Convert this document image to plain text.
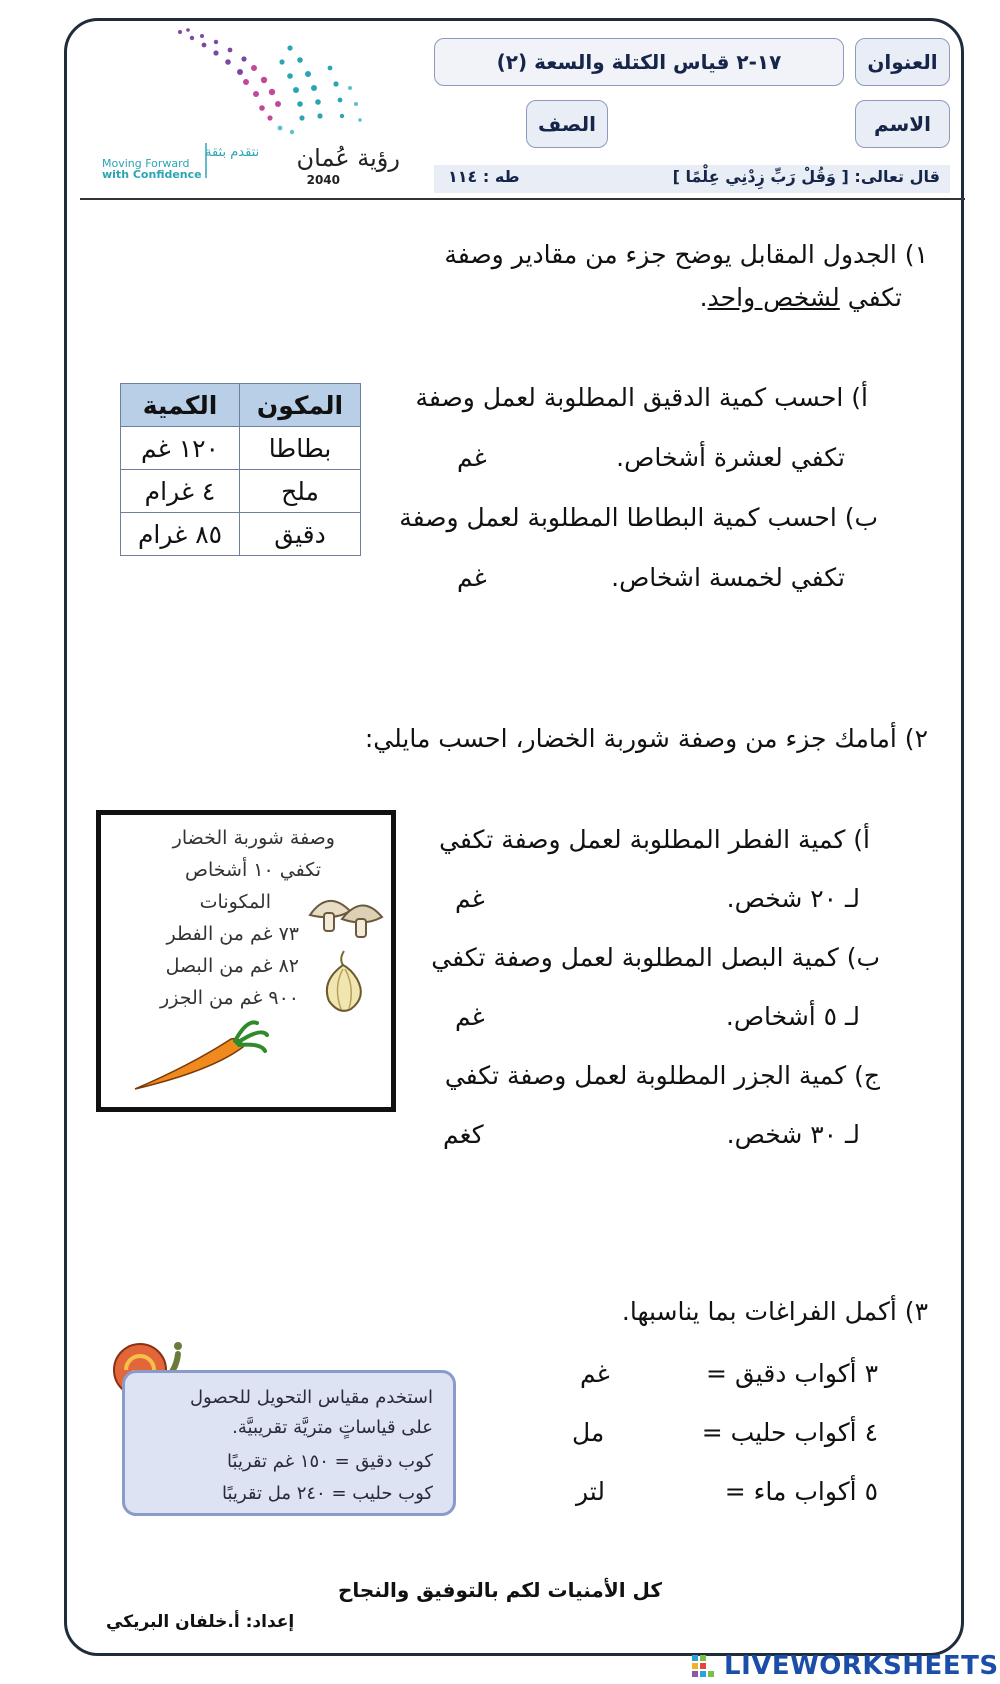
نتقدم بثقة
Moving Forward
with Confidence
رؤية عُمان
2040
العنوان
١٧-٢ قياس الكتلة والسعة (٢)
الاسم
الصف
قال تعالى: [ وَقُلْ رَبِّ زِدْنِي عِلْمًا ]
طه : ١١٤
١) الجدول المقابل يوضح جزء من مقادير وصفة
تكفي لشخص واحد.
المكون	الكمية
بطاطا	١٢٠ غم
ملح	٤ غرام
دقيق	٨٥ غرام
أ) احسب كمية الدقيق المطلوبة لعمل وصفة
تكفي لعشرة أشخاص.
غم
ب) احسب كمية البطاطا المطلوبة لعمل وصفة
تكفي لخمسة اشخاص.
غم
٢) أمامك جزء من وصفة شوربة الخضار، احسب مايلي:
وصفة شوربة الخضار
تكفي ١٠ أشخاص
المكونات
٧٣ غم من الفطر
٨٢ غم من البصل
٩٠٠ غم من الجزر
أ) كمية الفطر المطلوبة لعمل وصفة تكفي
لـ ٢٠ شخص.
غم
ب) كمية البصل المطلوبة لعمل وصفة تكفي
لـ ٥ أشخاص.
غم
ج) كمية الجزر المطلوبة لعمل وصفة تكفي
لـ ٣٠ شخص.
كغم
٣) أكمل الفراغات بما يناسبها.
استخدم مقياس التحويل للحصول
على قياساتٍ متريَّة تقريبيَّة.
كوب دقيق = ١٥٠ غم تقريبًا
كوب حليب = ٢٤٠ مل تقريبًا
٣ أكواب دقيق =
غم
٤ أكواب حليب =
مل
٥ أكواب ماء =
لتر
كل الأمنيات لكم بالتوفيق والنجاح
إعداد: أ.خلفان البريكي
LIVEWORKSHEETS
